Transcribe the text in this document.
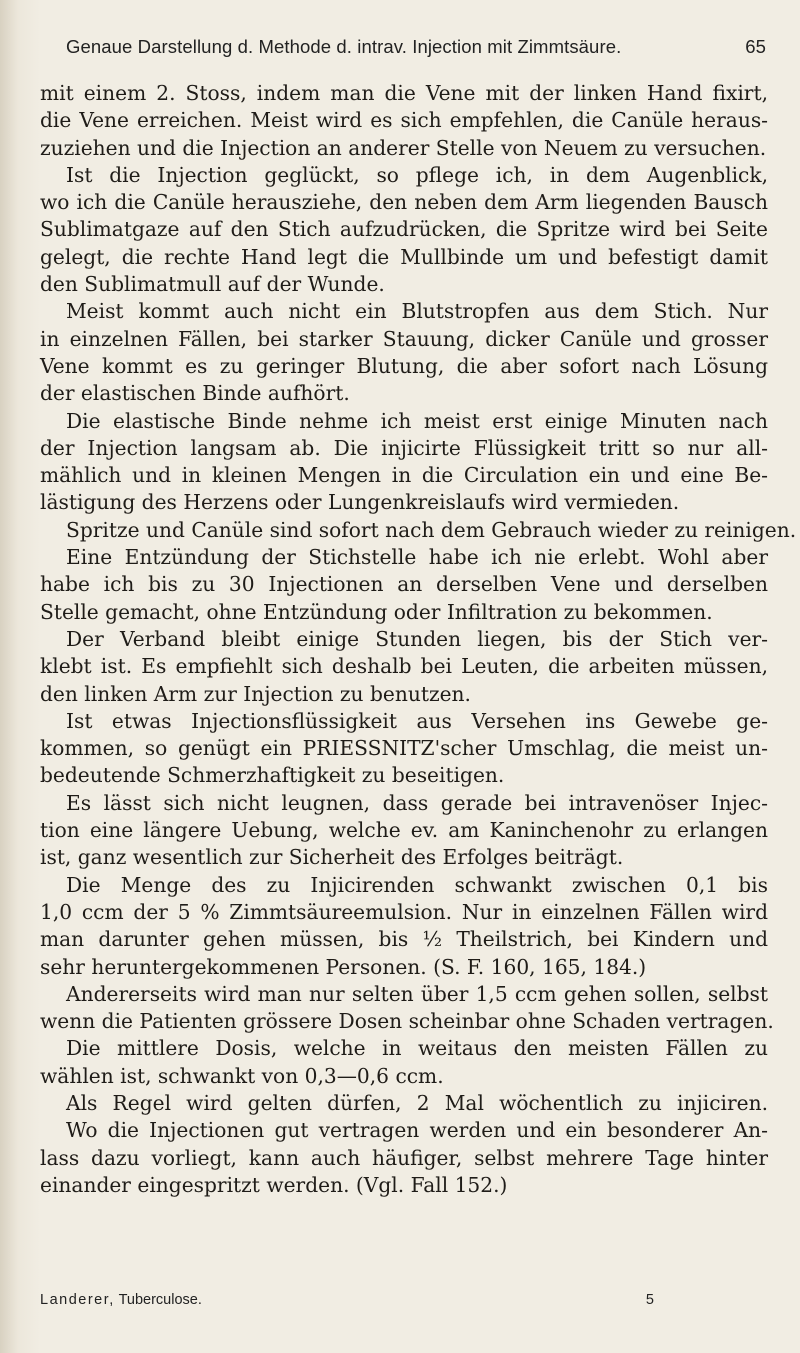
Genaue Darstellung d. Methode d. intrav. Injection mit Zimmtsäure.	65
mit einem 2. Stoss, indem man die Vene mit der linken Hand fixirt,
die Vene erreichen. Meist wird es sich empfehlen, die Canüle heraus-
zuziehen und die Injection an anderer Stelle von Neuem zu versuchen.
Ist die Injection geglückt, so pflege ich, in dem Augenblick,
wo ich die Canüle herausziehe, den neben dem Arm liegenden Bausch
Sublimatgaze auf den Stich aufzudrücken, die Spritze wird bei Seite
gelegt, die rechte Hand legt die Mullbinde um und befestigt damit
den Sublimatmull auf der Wunde.
Meist kommt auch nicht ein Blutstropfen aus dem Stich. Nur
in einzelnen Fällen, bei starker Stauung, dicker Canüle und grosser
Vene kommt es zu geringer Blutung, die aber sofort nach Lösung
der elastischen Binde aufhört.
Die elastische Binde nehme ich meist erst einige Minuten nach
der Injection langsam ab. Die injicirte Flüssigkeit tritt so nur all-
mählich und in kleinen Mengen in die Circulation ein und eine Be-
lästigung des Herzens oder Lungenkreislaufs wird vermieden.
Spritze und Canüle sind sofort nach dem Gebrauch wieder zu reinigen.
Eine Entzündung der Stichstelle habe ich nie erlebt. Wohl aber
habe ich bis zu 30 Injectionen an derselben Vene und derselben
Stelle gemacht, ohne Entzündung oder Infiltration zu bekommen.
Der Verband bleibt einige Stunden liegen, bis der Stich ver-
klebt ist. Es empfiehlt sich deshalb bei Leuten, die arbeiten müssen,
den linken Arm zur Injection zu benutzen.
Ist etwas Injectionsflüssigkeit aus Versehen ins Gewebe ge-
kommen, so genügt ein PRIESSNITZ'scher Umschlag, die meist un-
bedeutende Schmerzhaftigkeit zu beseitigen.
Es lässt sich nicht leugnen, dass gerade bei intravenöser Injec-
tion eine längere Uebung, welche ev. am Kaninchenohr zu erlangen
ist, ganz wesentlich zur Sicherheit des Erfolges beiträgt.
Die Menge des zu Injicirenden schwankt zwischen 0,1 bis
1,0 ccm der 5 % Zimmtsäureemulsion. Nur in einzelnen Fällen wird
man darunter gehen müssen, bis ½ Theilstrich, bei Kindern und
sehr heruntergekommenen Personen. (S. F. 160, 165, 184.)
Andererseits wird man nur selten über 1,5 ccm gehen sollen, selbst
wenn die Patienten grössere Dosen scheinbar ohne Schaden vertragen.
Die mittlere Dosis, welche in weitaus den meisten Fällen zu
wählen ist, schwankt von 0,3—0,6 ccm.
Als Regel wird gelten dürfen, 2 Mal wöchentlich zu injiciren.
Wo die Injectionen gut vertragen werden und ein besonderer An-
lass dazu vorliegt, kann auch häufiger, selbst mehrere Tage hinter
einander eingespritzt werden. (Vgl. Fall 152.)
Landerer, Tuberculose.	5
